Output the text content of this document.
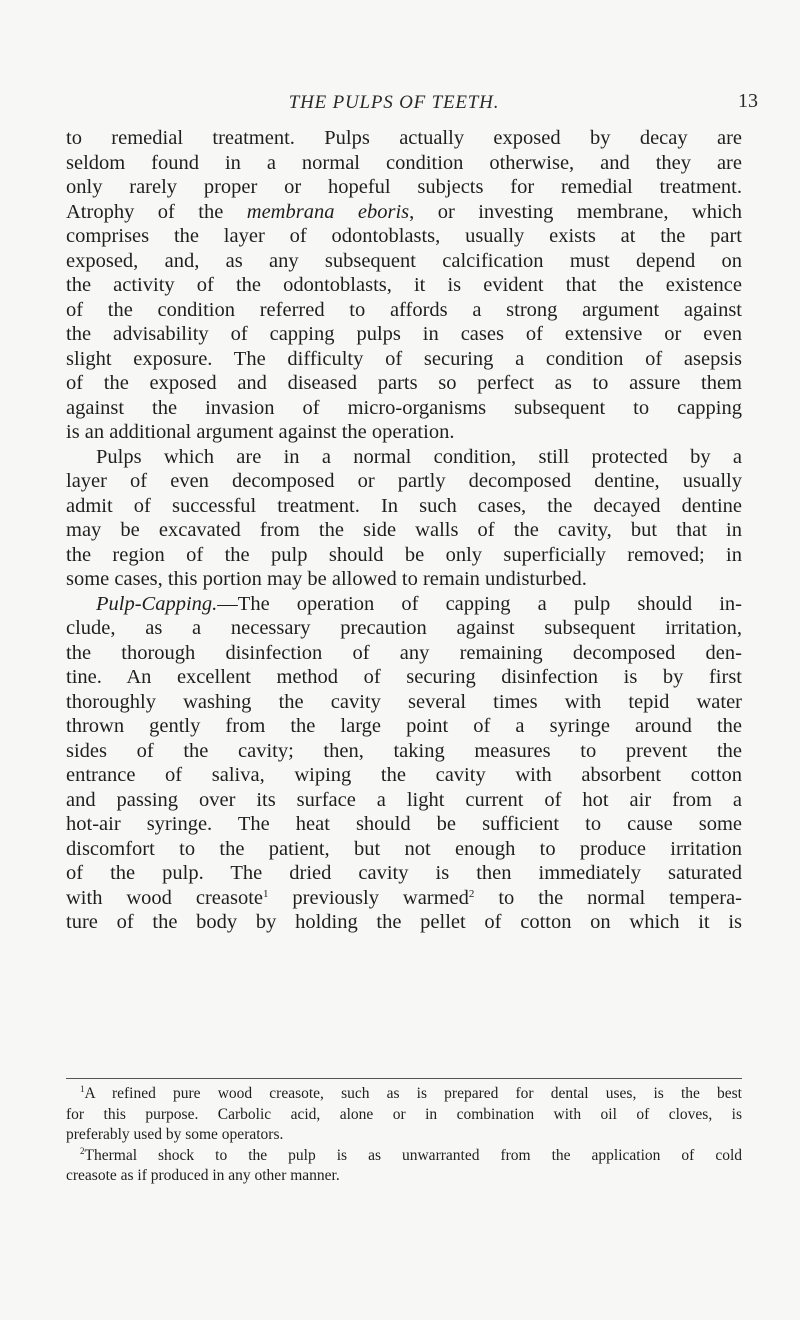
THE PULPS OF TEETH.	13
to remedial treatment. Pulps actually exposed by decay are
seldom found in a normal condition otherwise, and they are
only rarely proper or hopeful subjects for remedial treatment.
Atrophy of the membrana eboris, or investing membrane, which
comprises the layer of odontoblasts, usually exists at the part
exposed, and, as any subsequent calcification must depend on
the activity of the odontoblasts, it is evident that the existence
of the condition referred to affords a strong argument against
the advisability of capping pulps in cases of extensive or even
slight exposure. The difficulty of securing a condition of asepsis
of the exposed and diseased parts so perfect as to assure them
against the invasion of micro-organisms subsequent to capping
is an additional argument against the operation.
Pulps which are in a normal condition, still protected by a
layer of even decomposed or partly decomposed dentine, usually
admit of successful treatment. In such cases, the decayed dentine
may be excavated from the side walls of the cavity, but that in
the region of the pulp should be only superficially removed; in
some cases, this portion may be allowed to remain undisturbed.
Pulp-Capping.—The operation of capping a pulp should in-
clude, as a necessary precaution against subsequent irritation,
the thorough disinfection of any remaining decomposed den-
tine. An excellent method of securing disinfection is by first
thoroughly washing the cavity several times with tepid water
thrown gently from the large point of a syringe around the
sides of the cavity; then, taking measures to prevent the
entrance of saliva, wiping the cavity with absorbent cotton
and passing over its surface a light current of hot air from a
hot-air syringe. The heat should be sufficient to cause some
discomfort to the patient, but not enough to produce irritation
of the pulp. The dried cavity is then immediately saturated
with wood creasote$^1$ previously warmed$^2$ to the normal tempera-
ture of the body by holding the pellet of cotton on which it is
$^1$A refined pure wood creasote, such as is prepared for dental uses, is the best
for this purpose. Carbolic acid, alone or in combination with oil of cloves, is
preferably used by some operators.
$^2$Thermal shock to the pulp is as unwarranted from the application of cold
creasote as if produced in any other manner.
